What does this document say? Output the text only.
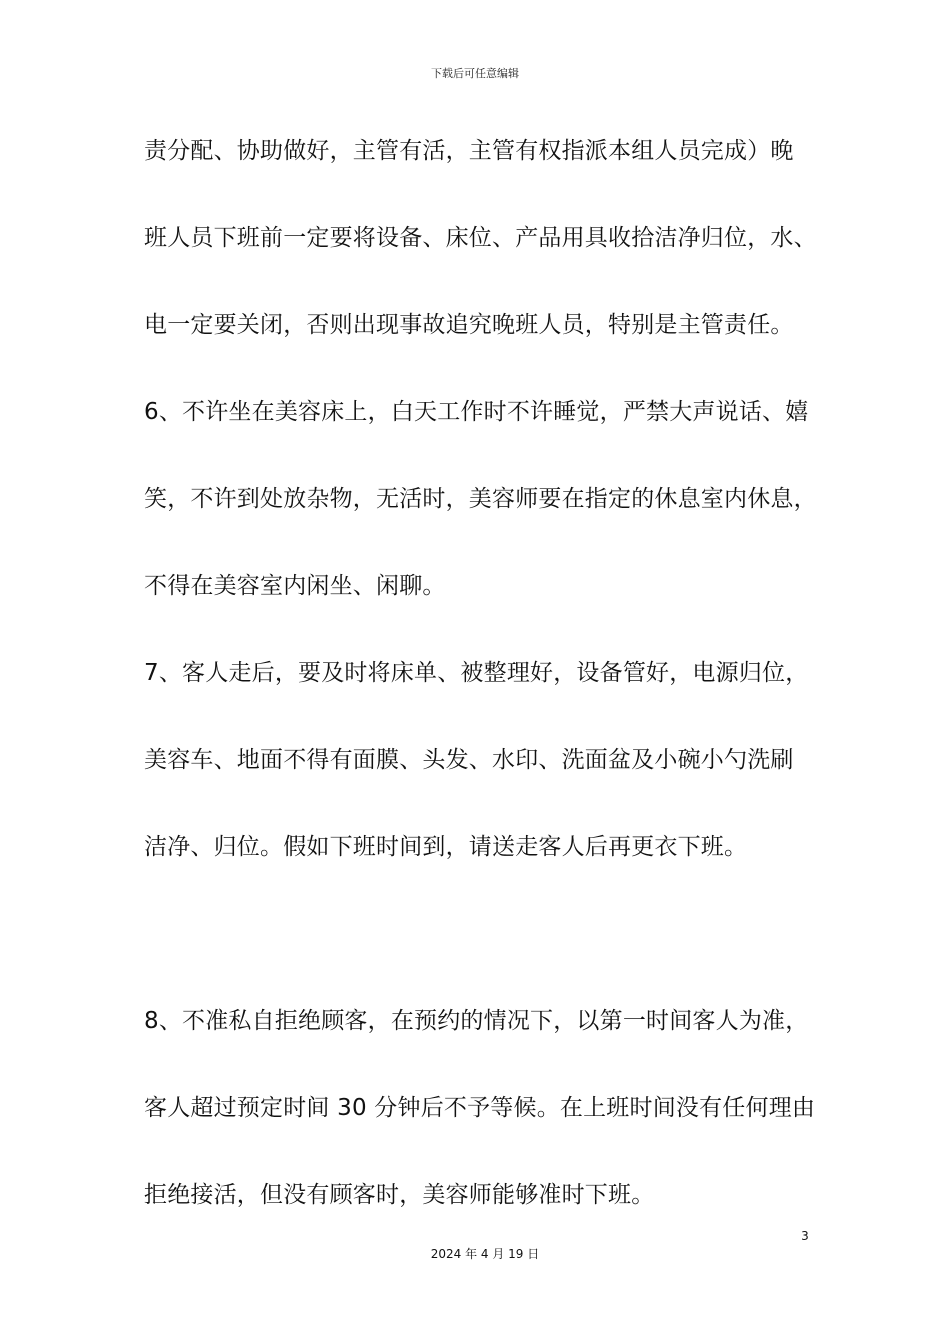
下载后可任意编辑
责分配、协助做好，主管有活，主管有权指派本组人员完成）晚
班人员下班前一定要将设备、床位、产品用具收拾洁净归位，水、
电一定要关闭，否则出现事故追究晚班人员，特别是主管责任。
6、不许坐在美容床上，白天工作时不许睡觉，严禁大声说话、嬉
笑，不许到处放杂物，无活时，美容师要在指定的休息室内休息，
不得在美容室内闲坐、闲聊。
7、客人走后，要及时将床单、被整理好，设备管好，电源归位，
美容车、地面不得有面膜、头发、水印、洗面盆及小碗小勺洗刷
洁净、归位。假如下班时间到，请送走客人后再更衣下班。
8、不准私自拒绝顾客，在预约的情况下，以第一时间客人为准，
客人超过预定时间 30 分钟后不予等候。在上班时间没有任何理由
拒绝接活，但没有顾客时，美容师能够准时下班。
3
2024 年 4 月 19 日
